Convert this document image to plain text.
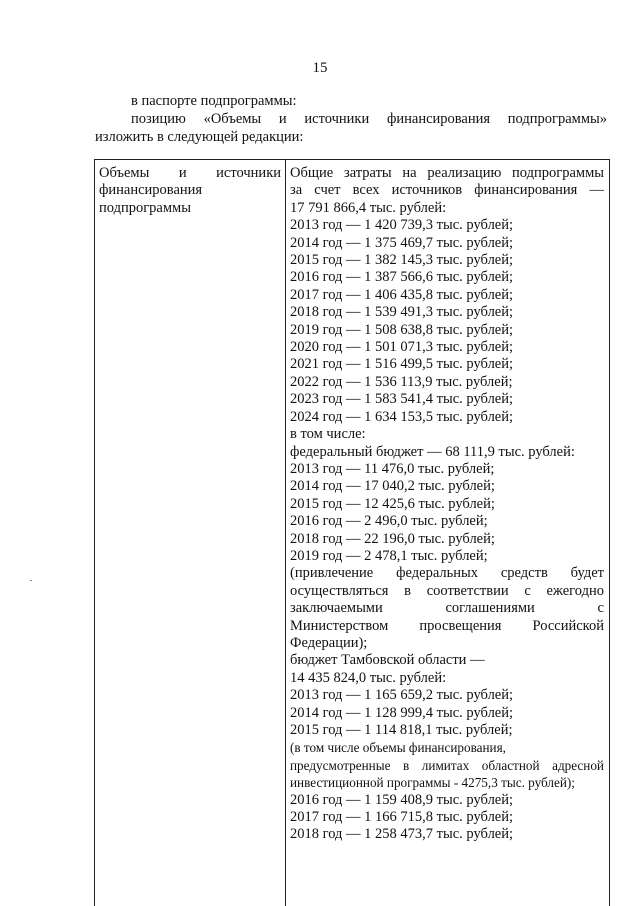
15
в паспорте подпрограммы:
позицию «Объемы и источники финансирования подпрограммы»
изложить в следующей редакции:
Объемы и источники
финансирования
подпрограммы
Общие затраты на реализацию подпрограммы
за счет всех источников финансирования —
17 791 866,4 тыс. рублей:
2013 год — 1 420 739,3 тыс. рублей;
2014 год — 1 375 469,7 тыс. рублей;
2015 год — 1 382 145,3 тыс. рублей;
2016 год — 1 387 566,6 тыс. рублей;
2017 год — 1 406 435,8 тыс. рублей;
2018 год — 1 539 491,3 тыс. рублей;
2019 год — 1 508 638,8 тыс. рублей;
2020 год — 1 501 071,3 тыс. рублей;
2021 год — 1 516 499,5 тыс. рублей;
2022 год — 1 536 113,9 тыс. рублей;
2023 год — 1 583 541,4 тыс. рублей;
2024 год — 1 634 153,5 тыс. рублей;
в том числе:
федеральный бюджет — 68 111,9 тыс. рублей:
2013 год — 11 476,0 тыс. рублей;
2014 год — 17 040,2 тыс. рублей;
2015 год — 12 425,6 тыс. рублей;
2016 год — 2 496,0 тыс. рублей;
2018 год — 22 196,0 тыс. рублей;
2019 год — 2 478,1 тыс. рублей;
(привлечение федеральных средств будет
осуществляться в соответствии с ежегодно
заключаемыми соглашениями с
Министерством просвещения Российской
Федерации);
бюджет Тамбовской области —
14 435 824,0 тыс. рублей:
2013 год — 1 165 659,2 тыс. рублей;
2014 год — 1 128 999,4 тыс. рублей;
2015 год — 1 114 818,1 тыс. рублей;
(в том числе объемы финансирования,
предусмотренные в лимитах областной адресной
инвестиционной программы - 4275,3 тыс. рублей);
2016 год — 1 159 408,9 тыс. рублей;
2017 год — 1 166 715,8 тыс. рублей;
2018 год — 1 258 473,7 тыс. рублей;
